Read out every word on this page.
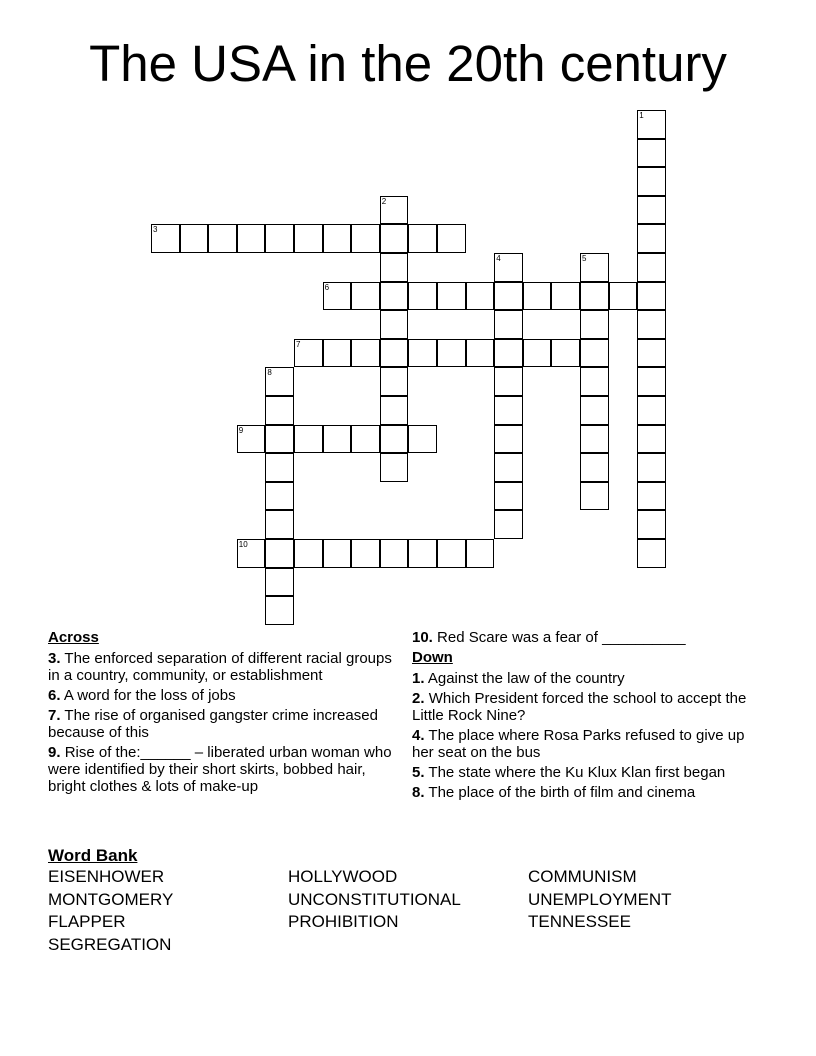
The USA in the 20th century
3
6
7
9
10
1
2
4	5
8
Across
3. The enforced separation of different racial groups in a country, community, or establishment
6. A word for the loss of jobs
7. The rise of organised gangster crime increased because of this
9. Rise of the:______ – liberated urban woman who were identified by their short skirts, bobbed hair, bright clothes & lots of make-up
10. Red Scare was a fear of __________
Down
1. Against the law of the country
2. Which President forced the school to accept the Little Rock Nine?
4. The place where Rosa Parks refused to give up her seat on the bus
5. The state where the Ku Klux Klan first began
8. The place of the birth of film and cinema
Word Bank
EISENHOWER	HOLLYWOOD	COMMUNISM
MONTGOMERY	UNCONSTITUTIONAL	UNEMPLOYMENT
FLAPPER	PROHIBITION	TENNESSEE
SEGREGATION
